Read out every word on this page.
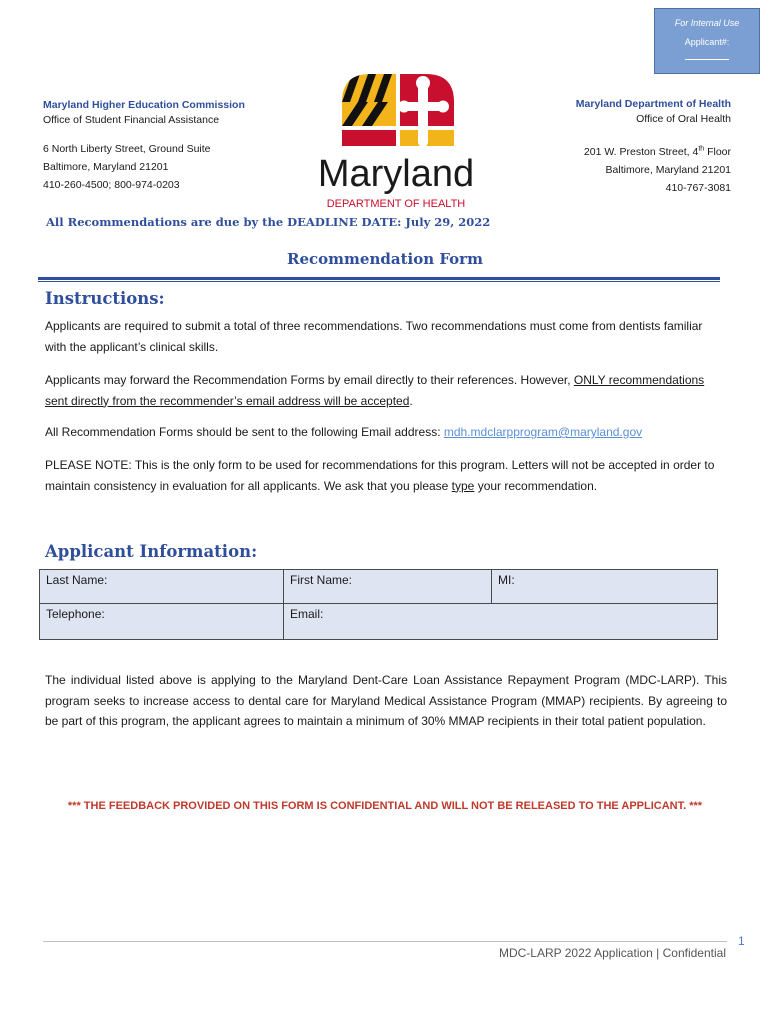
For Internal Use
Applicant#:
Maryland Higher Education Commission
Office of Student Financial Assistance
6 North Liberty Street, Ground Suite
Baltimore, Maryland 21201
410-260-4500; 800-974-0203	Maryland
DEPARTMENT OF HEALTH
Maryland Department of Health
Office of Oral Health
201 W. Preston Street, 4th Floor
Baltimore, Maryland 21201
410-767-3081
All Recommendations are due by the DEADLINE DATE: July 29, 2022
Recommendation Form
Instructions:
Applicants are required to submit a total of three recommendations. Two recommendations must come from dentists familiar with the applicant’s clinical skills.
Applicants may forward the Recommendation Forms by email directly to their references. However, ONLY recommendations sent directly from the recommender’s email address will be accepted.
All Recommendation Forms should be sent to the following Email address: mdh.mdclarpprogram@maryland.gov
PLEASE NOTE: This is the only form to be used for recommendations for this program. Letters will not be accepted in order to maintain consistency in evaluation for all applicants. We ask that you please type your recommendation.
Applicant Information:
Last Name:	First Name:	MI:
Telephone:	Email:	
The individual listed above is applying to the Maryland Dent-Care Loan Assistance Repayment Program (MDC-LARP). This program seeks to increase access to dental care for Maryland Medical Assistance Program (MMAP) recipients. By agreeing to be part of this program, the applicant agrees to maintain a minimum of 30% MMAP recipients in their total patient population.
*** THE FEEDBACK PROVIDED ON THIS FORM IS CONFIDENTIAL AND WILL NOT BE RELEASED TO THE APPLICANT. ***
MDC-LARP 2022 Application | Confidential
1
